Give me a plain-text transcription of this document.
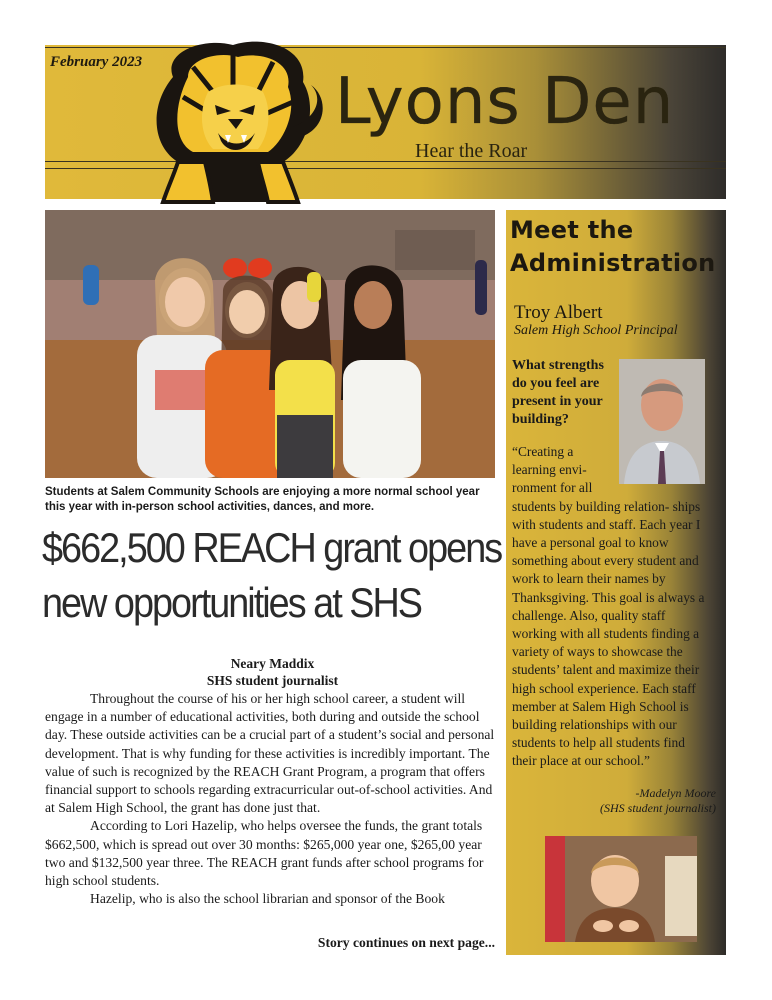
February 2023
Lyons Den
Hear the Roar
Students at Salem Community Schools are enjoying a more normal school year this year with in-person school activities, dances, and more.
$662,500 REACH grant opens
new opportunities at SHS
Neary Maddix
SHS student journalist

Throughout the course of his or her high school career, a student will engage in a number of educational activities, both during and outside the school day. These outside activities can be a crucial part of a student’s social and personal development. That is why funding for these activities is incredibly important. The value of such is recognized by the REACH Grant Program, a program that offers financial support to schools regarding extracurricular out-of-school activities. And at Salem High School, the grant has done just that.

According to Lori Hazelip, who helps oversee the funds, the grant totals $662,500, which is spread out over 30 months: $265,000 year one, $265,00 year two and $132,500 year three. The REACH grant funds after school programs for high school students.

Hazelip, who is also the school librarian and sponsor of the Book

Story continues on next page...
Meet the
Administration
Troy Albert
Salem High School Principal
What strengths do you feel are present in your building?
“Creating a learning envi- ronment for all
students by building relation- ships with students and staff. Each year I have a personal goal to know something about every student and work to learn their names by Thanksgiving. This goal is always a challenge. Also, quality staff working with all students finding a variety of ways to showcase the students’ talent and maximize their high school experience. Each staff member at Salem High School is building relationships with our students to help all students find their place at our school.”
-Madelyn Moore
(SHS student journalist)
